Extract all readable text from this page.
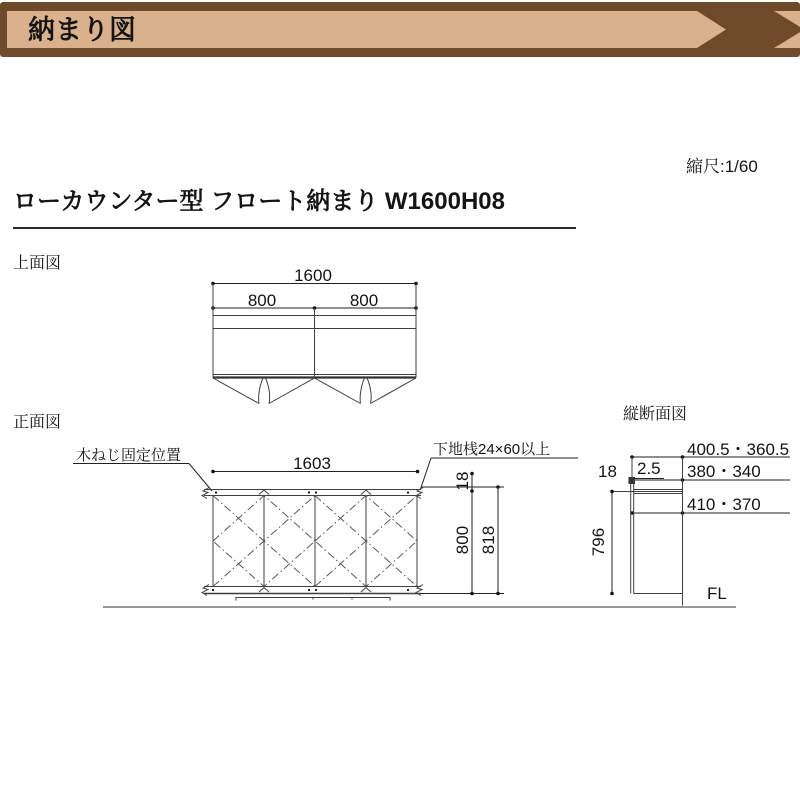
納まり図
縮尺:1/60
ローカウンター型 フロート納まり W1600H08
上面図
1600
800	800
正面図
木ねじ固定位置	下地桟24×60以上
1603
18
800 818
縦断面図
400.5・360.5
380・340
410・370
18 2.5
796
FL
